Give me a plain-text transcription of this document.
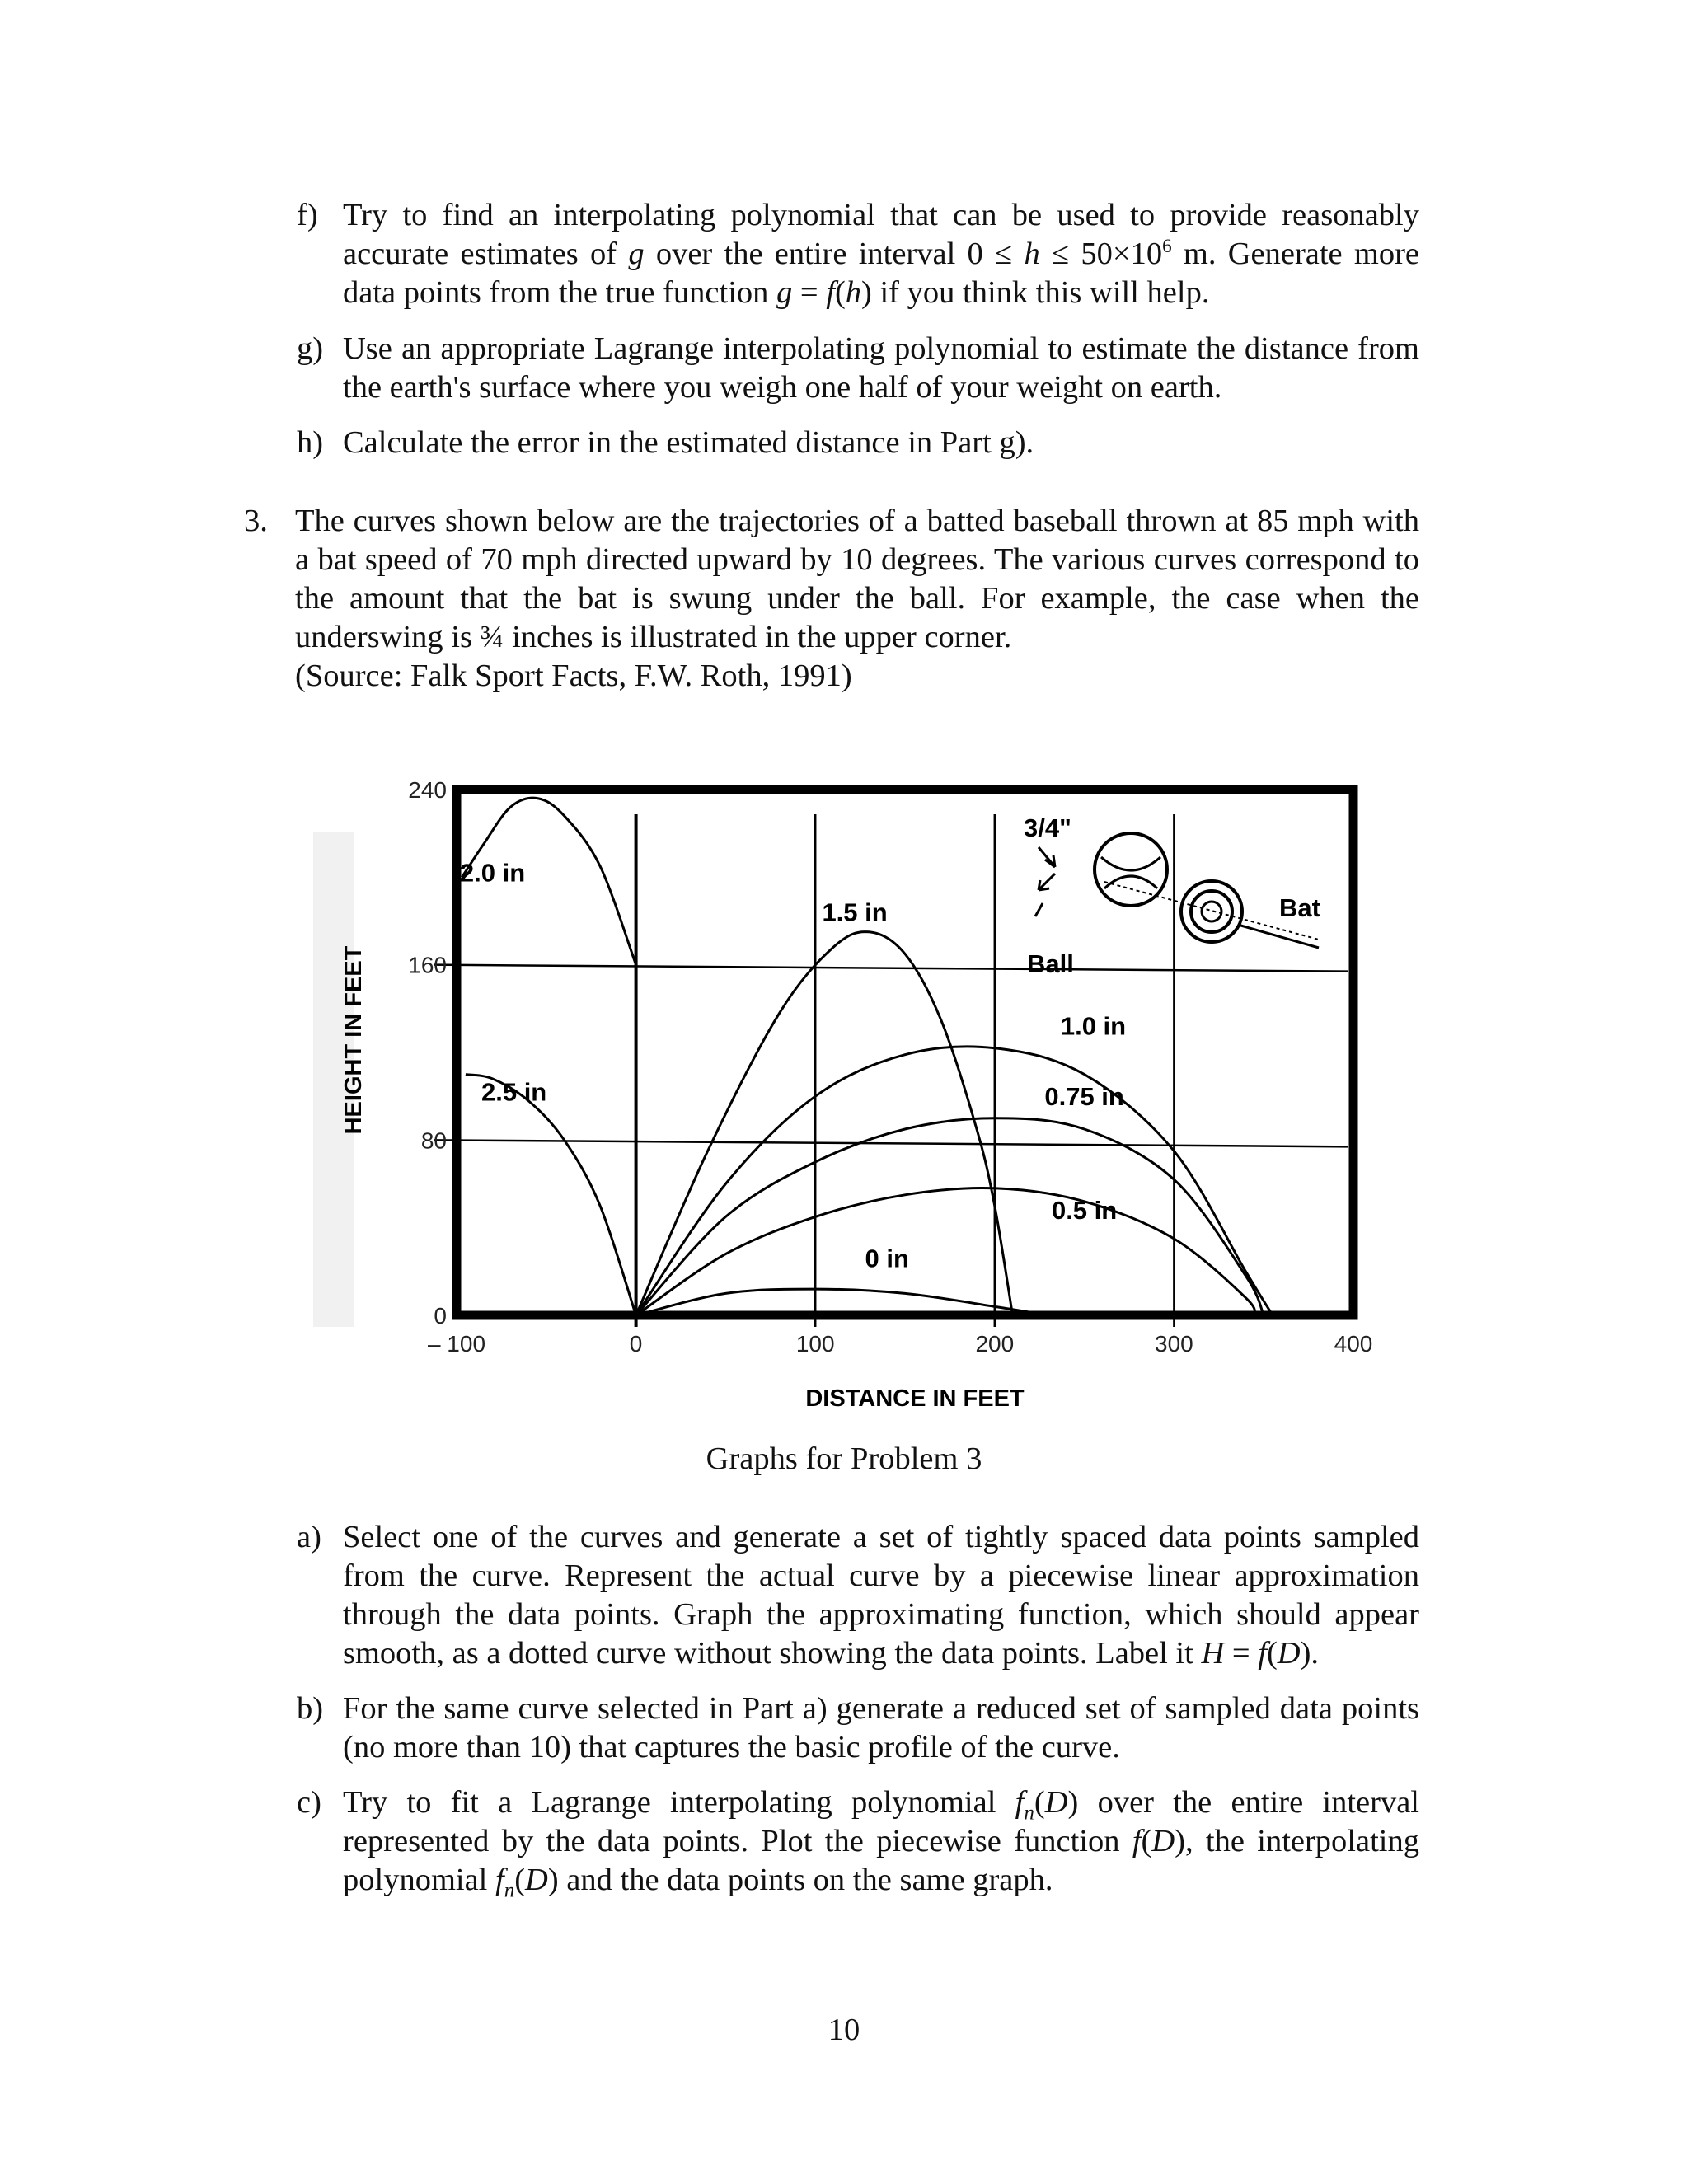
f) Try to find an interpolating polynomial that can be used to provide reasonably accurate estimates of g over the entire interval $0 \le h \le 50\times 10^6$ m. Generate more data points from the true function g = f(h) if you think this will help.
g) Use an appropriate Lagrange interpolating polynomial to estimate the distance from the earth's surface where you weigh one half of your weight on earth.
h) Calculate the error in the estimated distance in Part g).
3. The curves shown below are the trajectories of a batted baseball thrown at 85 mph with a bat speed of 70 mph directed upward by 10 degrees. The various curves correspond to the amount that the bat is swung under the ball. For example, the case when the underswing is ¾ inches is illustrated in the upper corner.
(Source: Falk Sport Facts, F.W. Roth, 1991)
HEIGHT IN FEET
2.0 in
2.5 in
1.5 in
1.0 in
0.75 in
0.5 in
0 in
0
80
160
240
– 100	0	100	200	300	400
3/4"
Ball
Bat
DISTANCE IN FEET
Graphs for Problem 3
a) Select one of the curves and generate a set of tightly spaced data points sampled from the curve. Represent the actual curve by a piecewise linear approximation through the data points. Graph the approximating function, which should appear smooth, as a dotted curve without showing the data points. Label it H = f(D).
b) For the same curve selected in Part a) generate a reduced set of sampled data points (no more than 10) that captures the basic profile of the curve.
c) Try to fit a Lagrange interpolating polynomial $f_n(D)$ over the entire interval represented by the data points. Plot the piecewise function f(D), the interpolating polynomial $f_n(D)$ and the data points on the same graph.
10
